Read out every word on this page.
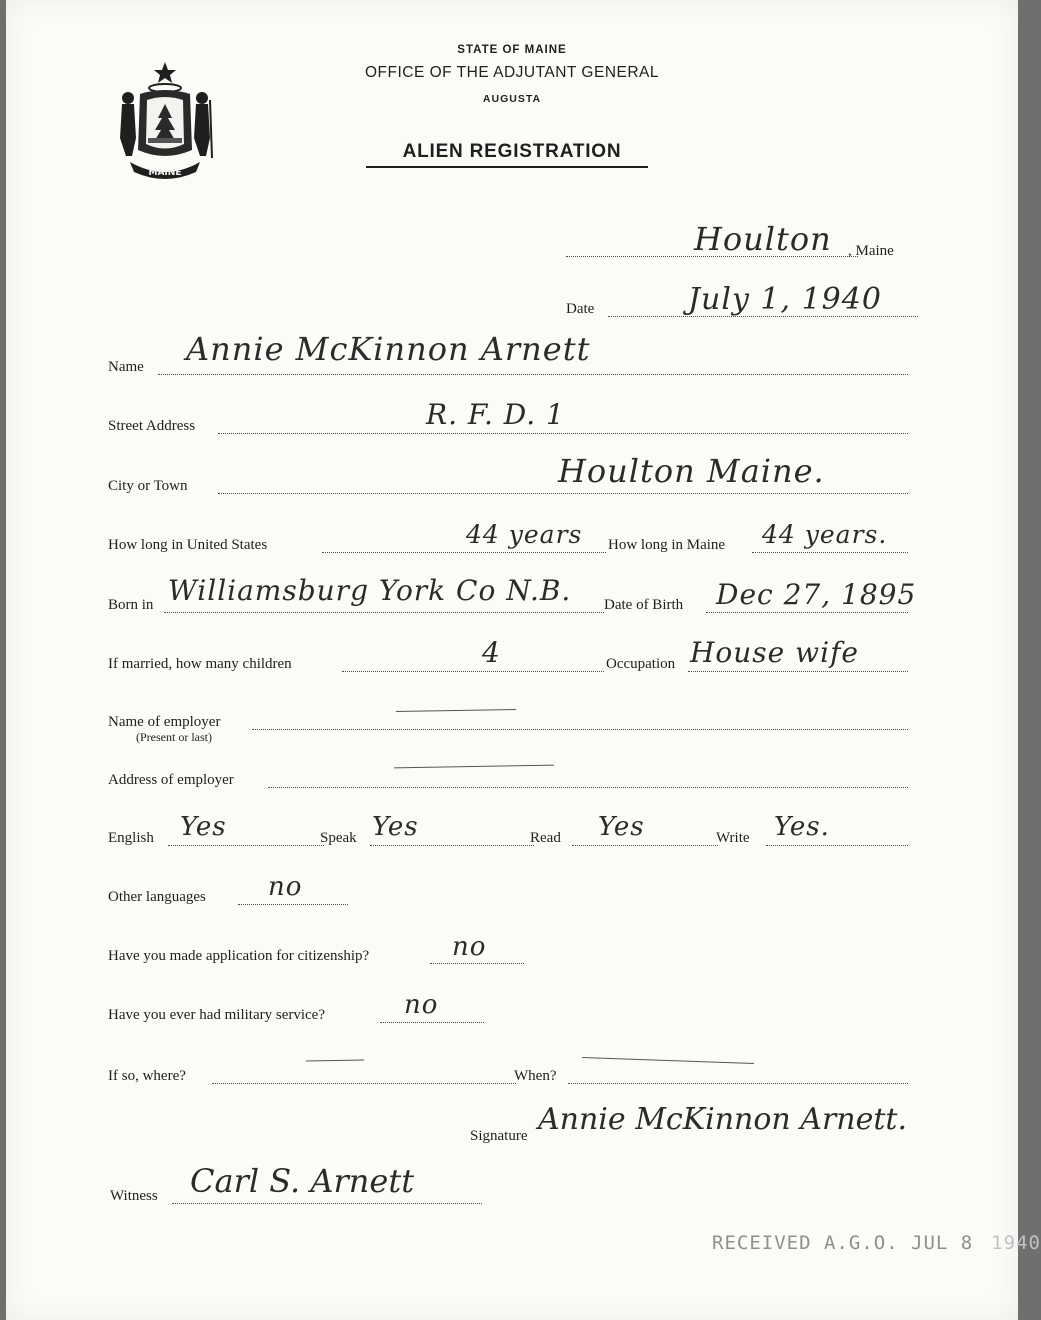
MAINE
STATE OF MAINE
OFFICE OF THE ADJUTANT GENERAL
AUGUSTA
ALIEN REGISTRATION
Houlton , Maine
Date	July 1, 1940
Name Annie McKinnon Arnett
Street Address	R. F. D. 1
City or Town	Houlton Maine.
How long in United States	44 years How long in Maine 44 years.
Born in Williamsburg York Co N.B. Date of Birth Dec 27, 1895
If married, how many children	4	Occupation House wife
Name of employer
(Present or last)
Address of employer
English Yes	Speak Yes	Read Yes	Write Yes.
Other languages no
Have you made application for citizenship?	no
Have you ever had military service?	no
If so, where?	When?
Signature Annie McKinnon Arnett.
Witness Carl S. Arnett
RECEIVED A.G.O. JUL 8 1940
